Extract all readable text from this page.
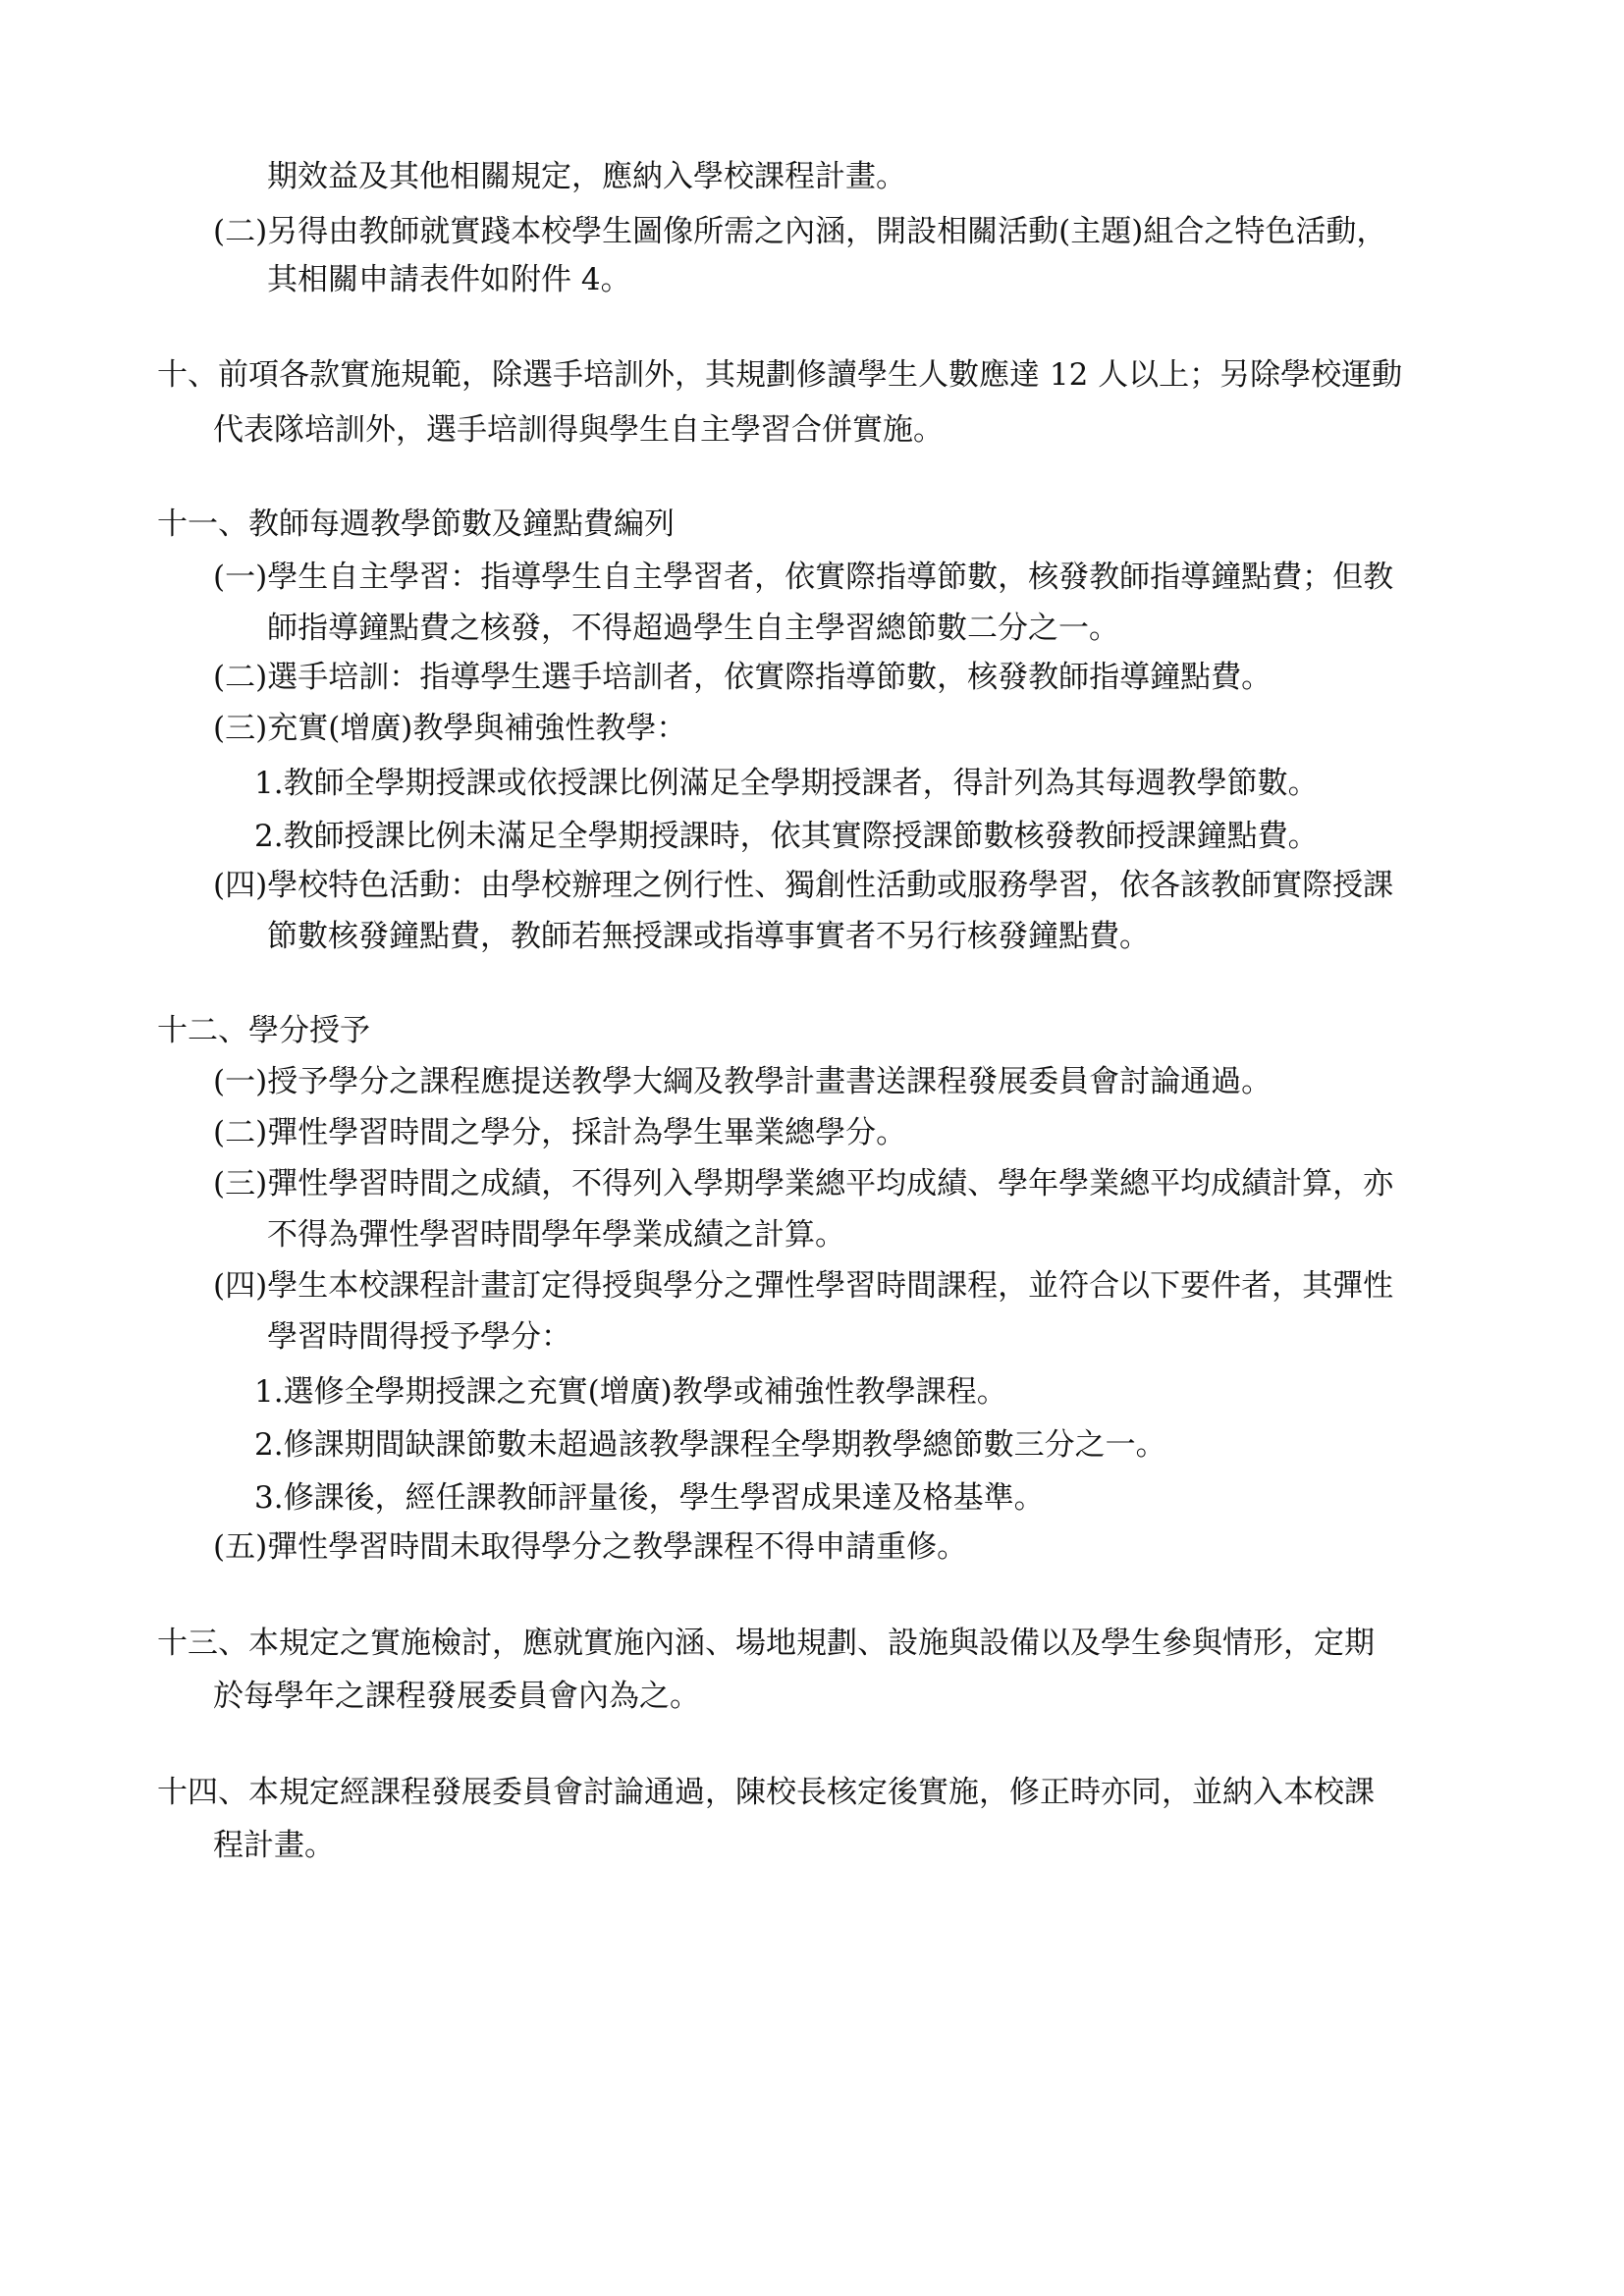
期效益及其他相關規定，應納入學校課程計畫。

(二)另得由教師就實踐本校學生圖像所需之內涵，開設相關活動(主題)組合之特色活動，

其相關申請表件如附件 4。

十、前項各款實施規範，除選手培訓外，其規劃修讀學生人數應達 12 人以上；另除學校運動

代表隊培訓外，選手培訓得與學生自主學習合併實施。

十一、教師每週教學節數及鐘點費編列

(一)學生自主學習：指導學生自主學習者，依實際指導節數，核發教師指導鐘點費；但教

師指導鐘點費之核發，不得超過學生自主學習總節數二分之一。

(二)選手培訓：指導學生選手培訓者，依實際指導節數，核發教師指導鐘點費。

(三)充實(增廣)教學與補強性教學：

1.教師全學期授課或依授課比例滿足全學期授課者，得計列為其每週教學節數。

2.教師授課比例未滿足全學期授課時，依其實際授課節數核發教師授課鐘點費。

(四)學校特色活動：由學校辦理之例行性、獨創性活動或服務學習，依各該教師實際授課

節數核發鐘點費，教師若無授課或指導事實者不另行核發鐘點費。

十二、學分授予

(一)授予學分之課程應提送教學大綱及教學計畫書送課程發展委員會討論通過。

(二)彈性學習時間之學分，採計為學生畢業總學分。

(三)彈性學習時間之成績，不得列入學期學業總平均成績、學年學業總平均成績計算，亦

不得為彈性學習時間學年學業成績之計算。

(四)學生本校課程計畫訂定得授與學分之彈性學習時間課程，並符合以下要件者，其彈性

學習時間得授予學分：

1.選修全學期授課之充實(增廣)教學或補強性教學課程。

2.修課期間缺課節數未超過該教學課程全學期教學總節數三分之一。

3.修課後，經任課教師評量後，學生學習成果達及格基準。

(五)彈性學習時間未取得學分之教學課程不得申請重修。

十三、本規定之實施檢討，應就實施內涵、場地規劃、設施與設備以及學生參與情形，定期

於每學年之課程發展委員會內為之。

十四、本規定經課程發展委員會討論通過，陳校長核定後實施，修正時亦同，並納入本校課

程計畫。
